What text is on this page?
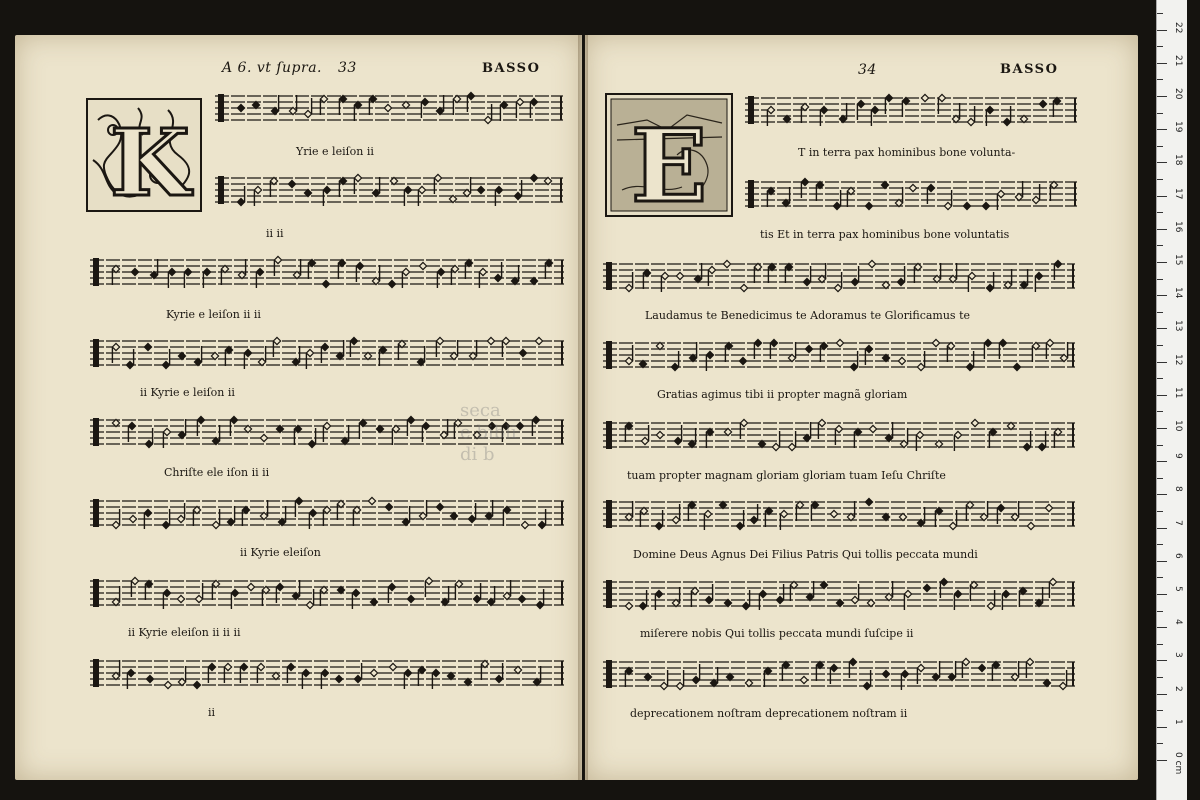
A 6. vt ſupra. 33	BASSO
K
34	BASSO
E
Yrie e leiſon ii
ii ii
Kyrie e leiſon ii ii
ii Kyrie e leiſon ii
Chriſte ele iſon ii ii
ii Kyrie eleiſon
ii Kyrie eleiſon ii ii ii
ii
T in terra pax hominibus bone volunta-
tis Et in terra pax hominibus bone voluntatis
Laudamus te Benedicimus te Adoramus te Glorificamus te
Gratias agimus tibi ii propter magnã gloriam
tuam propter magnam gloriam gloriam tuam Ieſu Chriſte
Domine Deus Agnus Dei Filius Patris Qui tollis peccata mundi
miſerere nobis Qui tollis peccata mundi ſuſcipe ii
deprecationem noſtram deprecationem noſtram ii
seca
e bibli
di b
0 cm
1
2
3
4
5
6
7
8
9
10
11
12
13
14
15
16
17
18
19
20
21
22
